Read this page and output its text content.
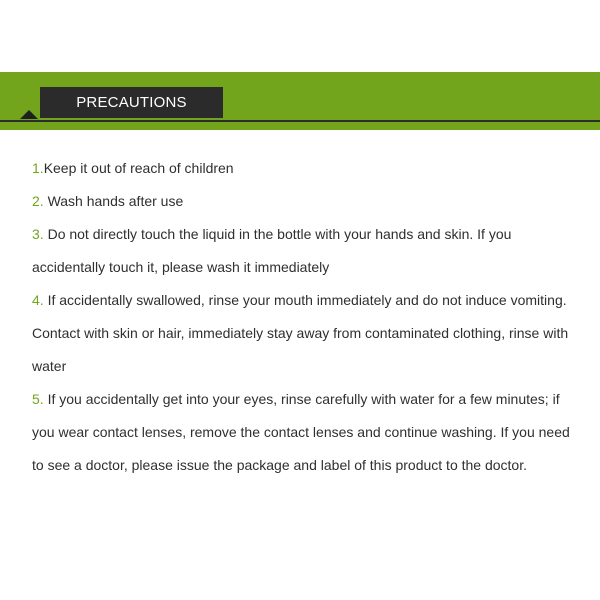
PRECAUTIONS

1.Keep it out of reach of children

2. Wash hands after use

3. Do not directly touch the liquid in the bottle with your hands and skin. If you accidentally touch it, please wash it immediately

4. If accidentally swallowed, rinse your mouth immediately and do not induce vomiting. Contact with skin or hair, immediately stay away from contaminated clothing, rinse with water

5. If you accidentally get into your eyes, rinse carefully with water for a few minutes; if you wear contact lenses, remove the contact lenses and continue washing. If you need to see a doctor, please issue the package and label of this product to the doctor.
